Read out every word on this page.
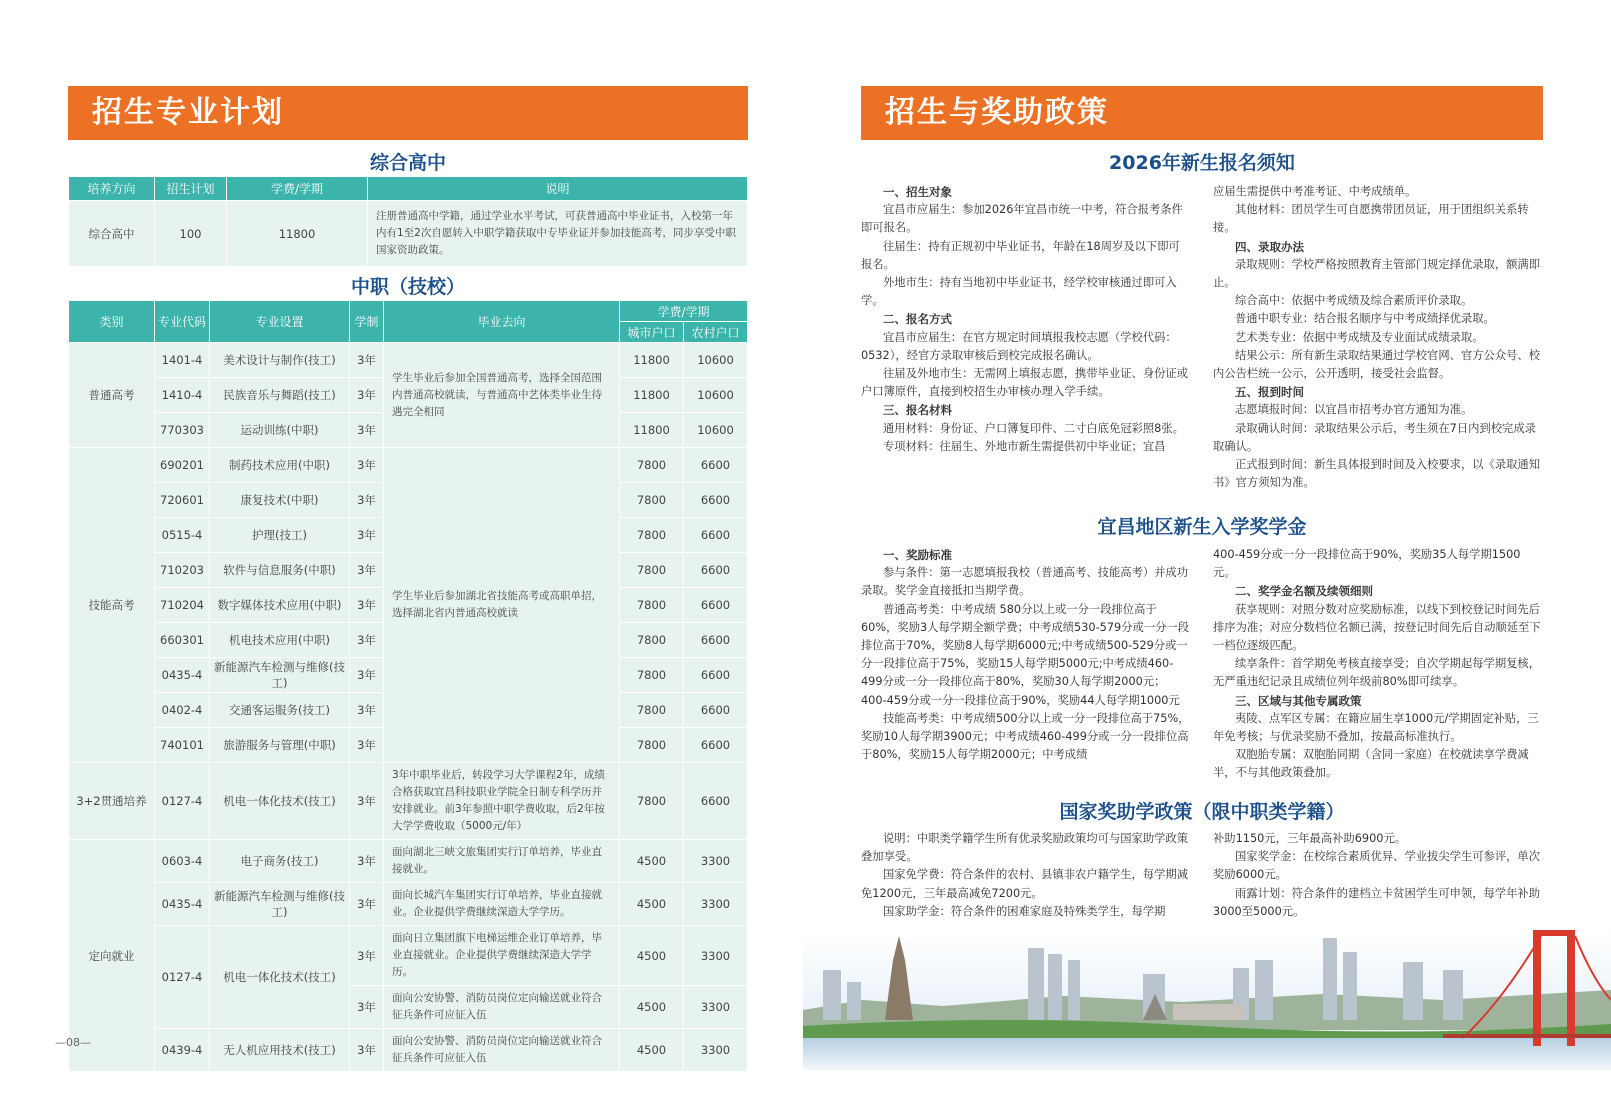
招生专业计划
综合高中
培养方向	招生计划	学费/学期	说明
综合高中	100	11800	注册普通高中学籍，通过学业水平考试，可获普通高中毕业证书，入校第一年内有1至2次自愿转入中职学籍获取中专毕业证并参加技能高考，同步享受中职国家资助政策。
中职（技校）
类别	专业代码	专业设置	学制	毕业去向	学费/学期	
					城市户口	农村户口
普通高考	1401-4	美术设计与制作(技工)	3年	学生毕业后参加全国普通高考，选择全国范围内普通高校就读，与普通高中艺体类毕业生待遇完全相同	11800	10600
	1410-4	民族音乐与舞蹈(技工)	3年		11800	10600
	770303	运动训练(中职)	3年		11800	10600
技能高考	690201	制药技术应用(中职)	3年	学生毕业后参加湖北省技能高考或高职单招，选择湖北省内普通高校就读	7800	6600
	720601	康复技术(中职)	3年		7800	6600
	0515-4	护理(技工)	3年		7800	6600
	710203	软件与信息服务(中职)	3年		7800	6600
	710204	数字媒体技术应用(中职)	3年		7800	6600
	660301	机电技术应用(中职)	3年		7800	6600
	0435-4	新能源汽车检测与维修(技工)	3年		7800	6600
	0402-4	交通客运服务(技工)	3年		7800	6600
	740101	旅游服务与管理(中职)	3年		7800	6600
3+2贯通培养	0127-4	机电一体化技术(技工)	3年	3年中职毕业后，转段学习大学课程2年，成绩合格获取宜昌科技职业学院全日制专科学历并安排就业。前3年参照中职学费收取，后2年按大学学费收取（5000元/年）	7800	6600
定向就业	0603-4	电子商务(技工)	3年	面向湖北三峡文旅集团实行订单培养，毕业直接就业。	4500	3300
	0435-4	新能源汽车检测与维修(技工)	3年	面向长城汽车集团实行订单培养，毕业直接就业。企业提供学费继续深造大学学历。	4500	3300
	0127-4	机电一体化技术(技工)	3年	面向日立集团旗下电梯运维企业订单培养，毕业直接就业。企业提供学费继续深造大学学历。	4500	3300
			3年	面向公安协警、消防员岗位定向输送就业符合征兵条件可应征入伍	4500	3300
	0439-4	无人机应用技术(技工)	3年	面向公安协警、消防员岗位定向输送就业符合征兵条件可应征入伍	4500	3300
—08—
招生与奖助政策
2026年新生报名须知
一、招生对象

宜昌市应届生：参加2026年宜昌市统一中考，符合报考条件即可报名。

往届生：持有正规初中毕业证书，年龄在18周岁及以下即可报名。

外地市生：持有当地初中毕业证书，经学校审核通过即可入学。

二、报名方式

宜昌市应届生：在官方规定时间填报我校志愿（学校代码：0532），经官方录取审核后到校完成报名确认。

往届及外地市生：无需网上填报志愿，携带毕业证、身份证或户口簿原件，直接到校招生办审核办理入学手续。

三、报名材料

通用材料：身份证、户口簿复印件、二寸白底免冠彩照8张。

专项材料：往届生、外地市新生需提供初中毕业证；宜昌

应届生需提供中考准考证、中考成绩单。

其他材料：团员学生可自愿携带团员证，用于团组织关系转接。

四、录取办法

录取规则：学校严格按照教育主管部门规定择优录取，额满即止。

综合高中：依据中考成绩及综合素质评价录取。

普通中职专业：结合报名顺序与中考成绩择优录取。

艺术类专业：依据中考成绩及专业面试成绩录取。

结果公示：所有新生录取结果通过学校官网、官方公众号、校内公告栏统一公示，公开透明，接受社会监督。

五、报到时间

志愿填报时间：以宜昌市招考办官方通知为准。

录取确认时间：录取结果公示后，考生须在7日内到校完成录取确认。

正式报到时间：新生具体报到时间及入校要求，以《录取通知书》官方须知为准。

宜昌地区新生入学奖学金
一、奖励标准

参与条件：第一志愿填报我校（普通高考、技能高考）并成功录取。奖学金直接抵扣当期学费。

普通高考类：中考成绩 580分以上或一分一段排位高于60%，奖励3人每学期全额学费；中考成绩530-579分或一分一段排位高于70%，奖励8人每学期6000元;中考成绩500-529分或一分一段排位高于75%，奖励15人每学期5000元;中考成绩460-499分或一分一段排位高于80%，奖励30人每学期2000元；400-459分或一分一段排位高于90%，奖励44人每学期1000元

技能高考类：中考成绩500分以上或一分一段排位高于75%，奖励10人每学期3900元；中考成绩460-499分或一分一段排位高于80%，奖励15人每学期2000元；中考成绩

400-459分或一分一段排位高于90%，奖励35人每学期1500元。
二、奖学金名额及续领细则

获享规则：对照分数对应奖励标准，以线下到校登记时间先后排序为准；对应分数档位名额已满，按登记时间先后自动顺延至下一档位逐级匹配。

续享条件：首学期免考核直接享受；自次学期起每学期复核，无严重违纪记录且成绩位列年级前80%即可续享。

三、区域与其他专属政策

夷陵、点军区专属：在籍应届生享1000元/学期固定补贴，三年免考核；与优录奖励不叠加，按最高标准执行。

双胞胎专属：双胞胎同期（含同一家庭）在校就读享学费减半，不与其他政策叠加。

国家奖助学政策（限中职类学籍）

说明：中职类学籍学生所有优录奖励政策均可与国家助学政策叠加享受。

国家免学费：符合条件的农村、县镇非农户籍学生，每学期减免1200元，三年最高减免7200元。

国家助学金：符合条件的困难家庭及特殊类学生，每学期

补助1150元，三年最高补助6900元。

国家奖学金：在校综合素质优异、学业拔尖学生可参评，单次奖励6000元。

雨露计划：符合条件的建档立卡贫困学生可申领，每学年补助3000至5000元。
